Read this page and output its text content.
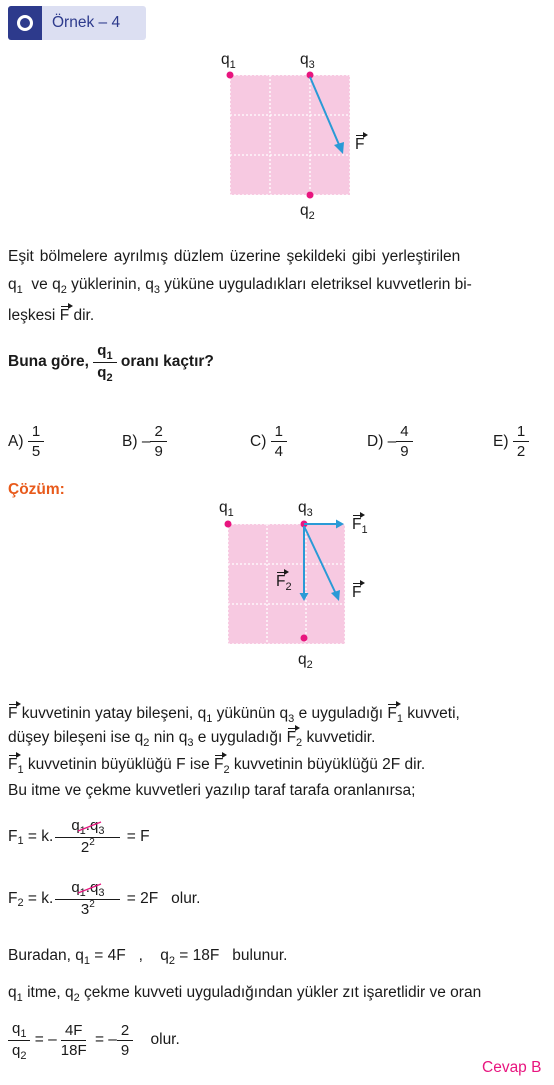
Örnek – 4
$q_1$	$q_3$
$q_2$
F
Eşit bölmelere ayrılmış düzlem üzerine şekildeki gibi yerleştirilen
$q_1$ ve $q_2$ yüklerinin, $q_3$ yüküne uyguladıkları eletriksel kuvvetlerin bi-
leşkesi F dir.
Buna göre,
$\frac{q_1}{q_2}$
oranı kaçtır?
A)
$\frac{1}{5}$	B)
– $\frac{2}{9}$	C)
$\frac{1}{4}$	D)
– $\frac{4}{9}$	E)
$\frac{1}{2}$
Çözüm:
$q_1$	$q_3$
$F_1$
$F_2$	F
$q_2$
F kuvvetinin yatay bileşeni, $q_1$ yükünün $q_3$ e uyguladığı $F_1$ kuvveti,
düşey bileşeni ise $q_2$ nin $q_3$ e uyguladığı $F_2$ kuvvetidir.
$F_1$ kuvvetinin büyüklüğü F ise $F_2$ kuvvetinin büyüklüğü 2F dir.
Bu itme ve çekme kuvvetleri yazılıp taraf tarafa oranlanırsa;
F 1
= k. $\frac{q_1.q_3}{2^2}$
= F
F 2
= k. $\frac{q_1.q_3}{3^2}$
= 2F
olur.
Buradan, $q_1 = 4F$ , $q_2 = 18F$ bulunur.
$q_1$ itme, $q_2$ çekme kuvveti uyguladığından yükler zıt işaretlidir ve oran
$\frac{q_1}{q_2}$
= – $\frac{4F}{18F}$
= – $\frac{2}{9}$
olur.
Cevap B
